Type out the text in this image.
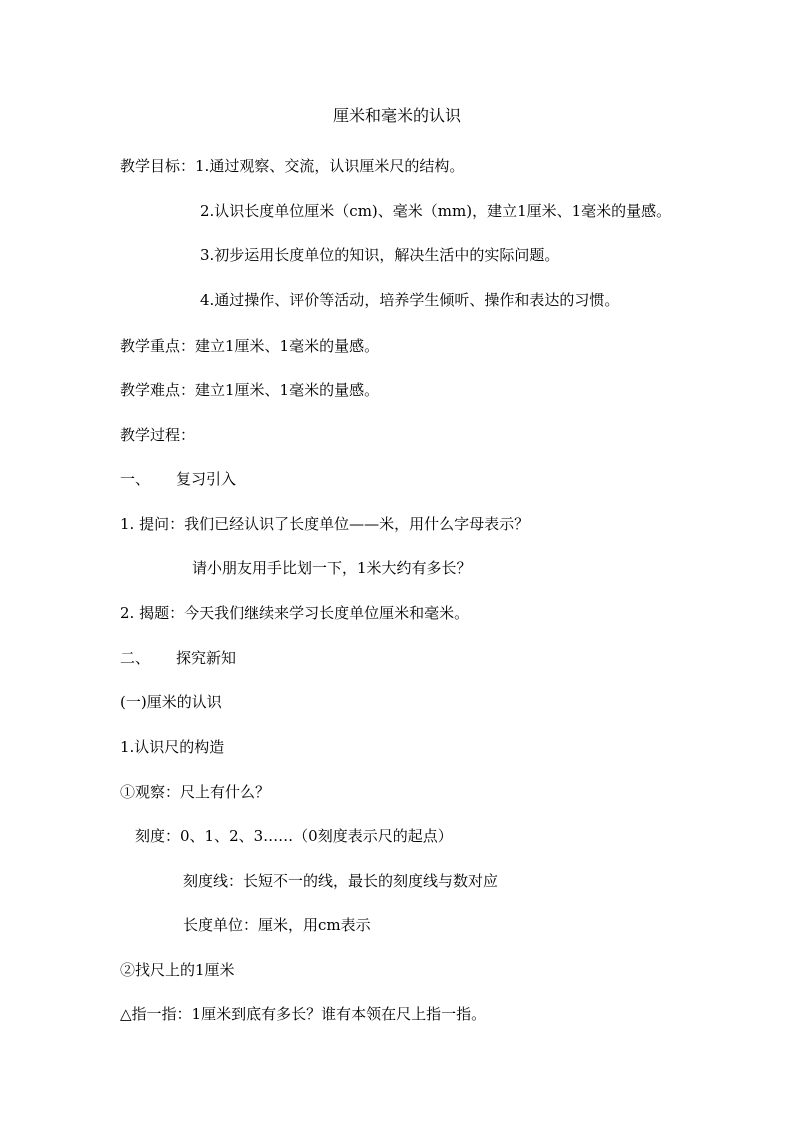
厘米和毫米的认识
教学目标：1.通过观察、交流，认识厘米尺的结构。
2.认识长度单位厘米（cm)、毫米（mm)，建立1厘米、1毫米的量感。
3.初步运用长度单位的知识，解决生活中的实际问题。
4.通过操作、评价等活动，培养学生倾听、操作和表达的习惯。
教学重点：建立1厘米、1毫米的量感。
教学难点：建立1厘米、1毫米的量感。
教学过程：
一、 复习引入
1. 提问：我们已经认识了长度单位——米，用什么字母表示？
请小朋友用手比划一下，1米大约有多长？
2. 揭题：今天我们继续来学习长度单位厘米和毫米。
二、 探究新知
(一)厘米的认识
1.认识尺的构造
①观察：尺上有什么？
刻度：0、1、2、3……（0刻度表示尺的起点）
刻度线：长短不一的线，最长的刻度线与数对应
长度单位：厘米，用cm表示
②找尺上的1厘米
△指一指：1厘米到底有多长？谁有本领在尺上指一指。
